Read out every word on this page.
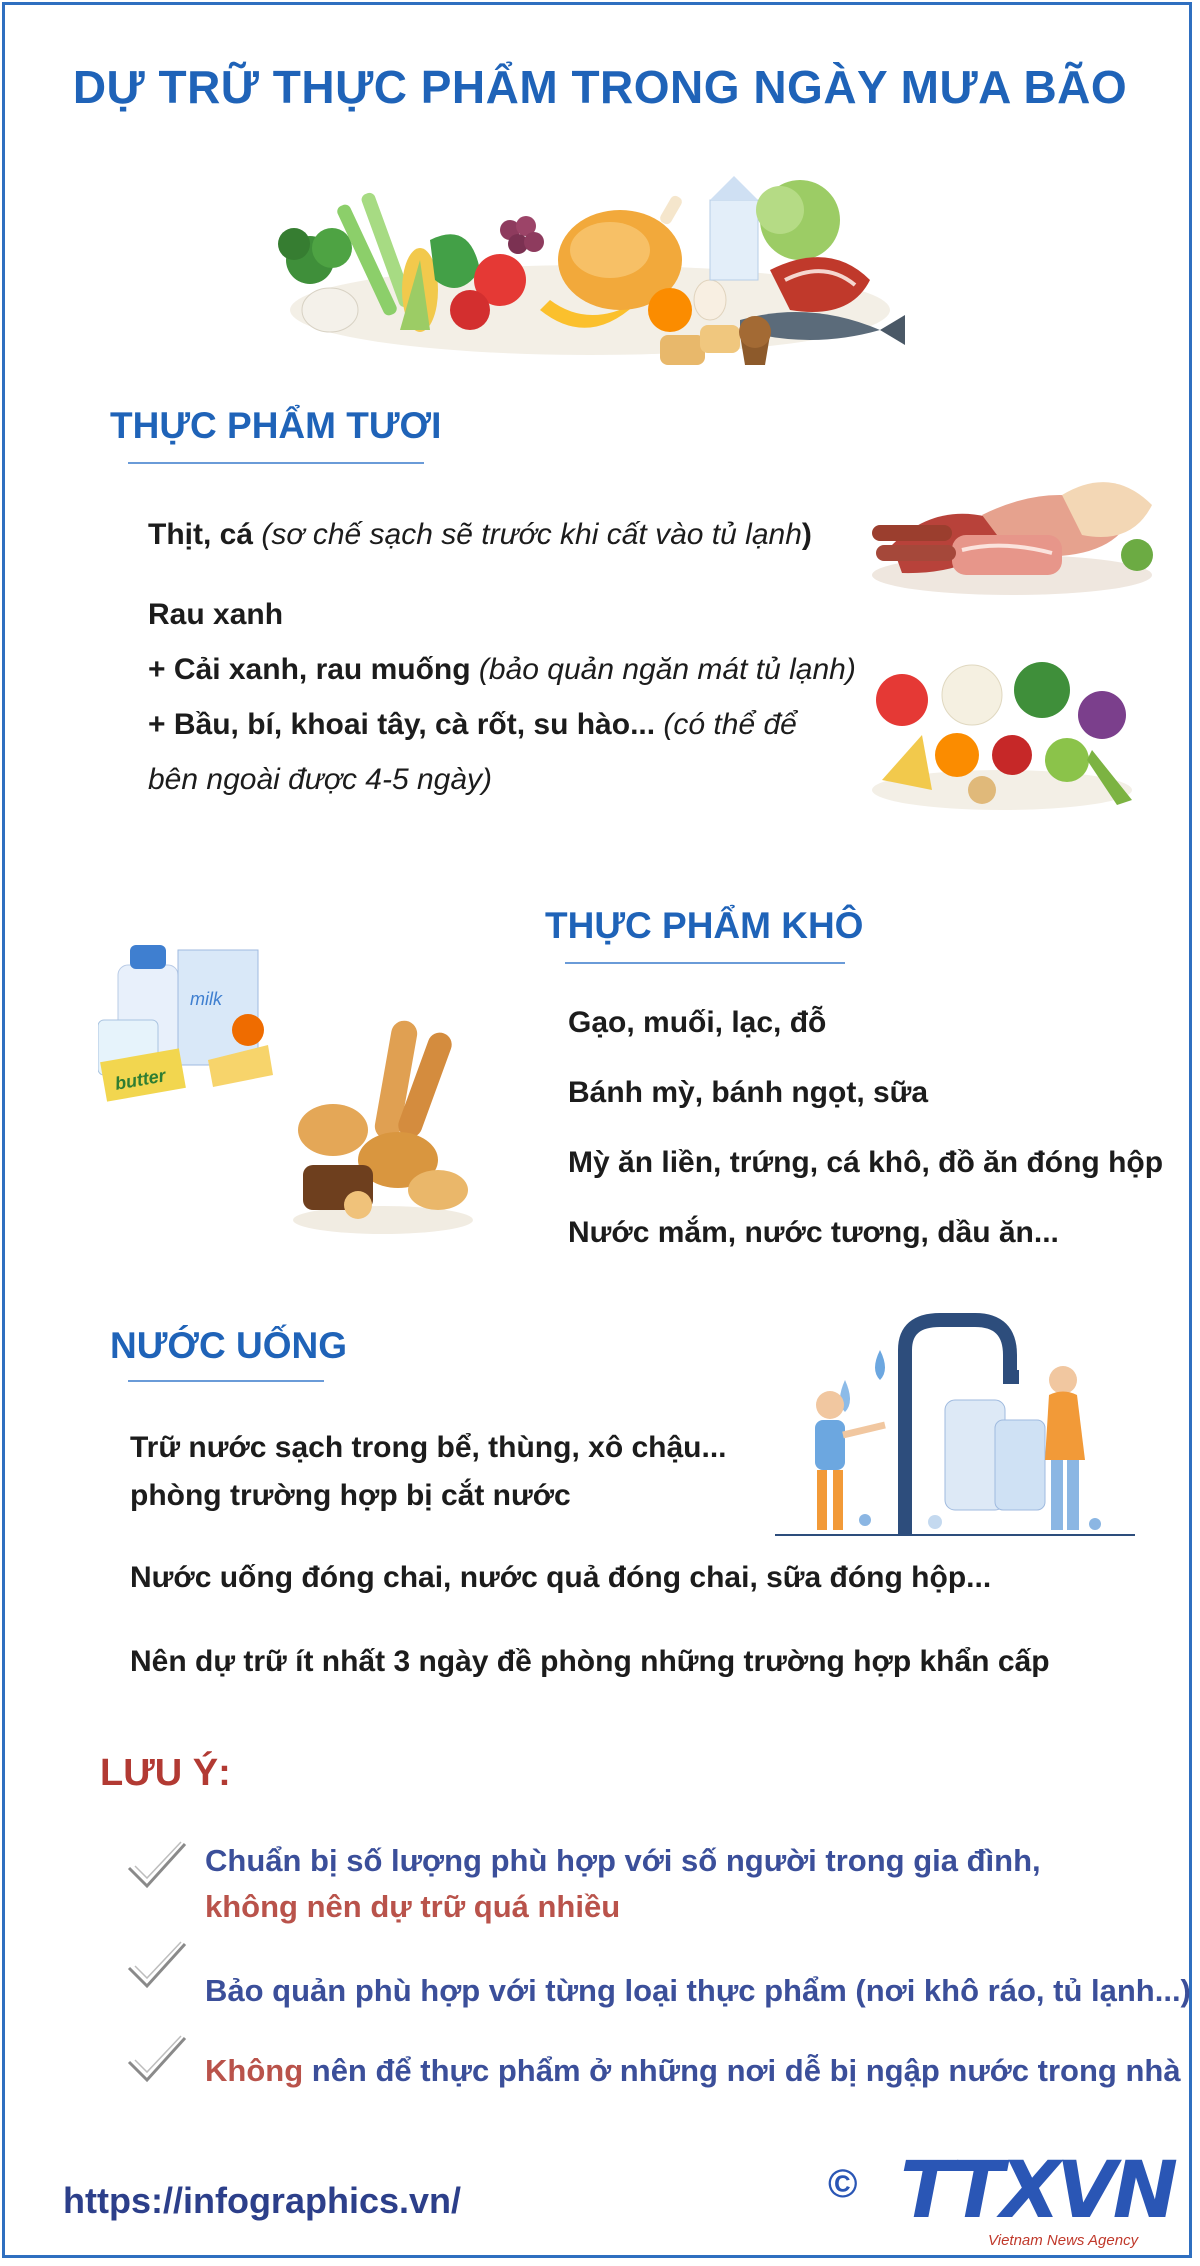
DỰ TRỮ THỰC PHẨM TRONG NGÀY MƯA BÃO
THỰC PHẨM TƯƠI
Thịt, cá (sơ chế sạch sẽ trước khi cất vào tủ lạnh)
Rau xanh
+ Cải xanh, rau muống (bảo quản ngăn mát tủ lạnh)
+ Bầu, bí, khoai tây, cà rốt, su hào... (có thể để
bên ngoài được 4-5 ngày)
THỰC PHẨM KHÔ
Gạo, muối, lạc, đỗ
Bánh mỳ, bánh ngọt, sữa
Mỳ ăn liền, trứng, cá khô, đồ ăn đóng hộp
Nước mắm, nước tương, dầu ăn...
milk
butter
NƯỚC UỐNG
Trữ nước sạch trong bể, thùng, xô chậu...
phòng trường hợp bị cắt nước
Nước uống đóng chai, nước quả đóng chai, sữa đóng hộp...
Nên dự trữ ít nhất 3 ngày đề phòng những trường hợp khẩn cấp
LƯU Ý:
Chuẩn bị số lượng phù hợp với số người trong gia đình,
không nên dự trữ quá nhiều
Bảo quản phù hợp với từng loại thực phẩm (nơi khô ráo, tủ lạnh...)
Không nên để thực phẩm ở những nơi dễ bị ngập nước trong nhà
https://infographics.vn/	© TTXVN
Vietnam News Agency
